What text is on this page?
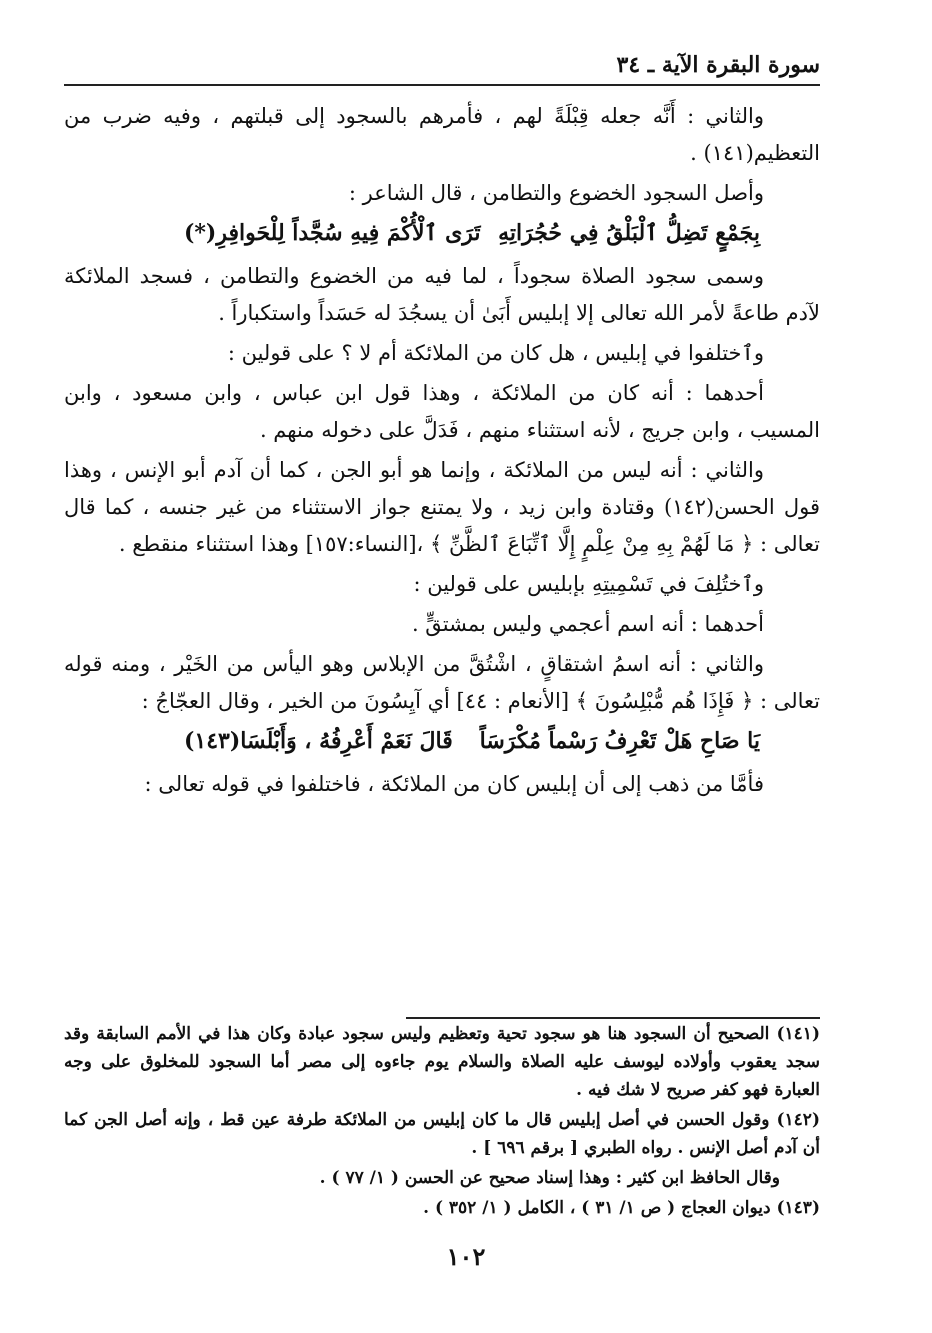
سورة البقرة الآية ـ ٣٤

والثاني : أَنَّه جعله قِبْلَةً لهم ، فأمرهم بالسجود إلى قبلتهم ، وفيه ضرب من التعظيم(١٤١) .

وأصل السجود الخضوع والتطامن ، قال الشاعر :

بِجَمْعٍ تَضِلُّ ٱلْبَلْقُ فِي حُجُرَاتِهِ
تَرَى ٱلْأُكْمَ فِيهِ سُجَّداً لِلْحَوافِرِ(*)

وسمى سجود الصلاة سجوداً ، لما فيه من الخضوع والتطامن ، فسجد الملائكة لآدم طاعةً لأمر الله تعالى إلا إبليس أَبَىٰ أن يسجُدَ له حَسَداً واستكباراً .

وٱختلفوا في إبليس ، هل كان من الملائكة أم لا ؟ على قولين :

أحدهما : أنه كان من الملائكة ، وهذا قول ابن عباس ، وابن مسعود ، وابن المسيب ، وابن جريج ، لأنه استثناء منهم ، فَدَلَّ على دخوله منهم .

والثاني : أنه ليس من الملائكة ، وإنما هو أبو الجن ، كما أن آدم أبو الإنس ، وهذا قول الحسن(١٤٢) وقتادة وابن زيد ، ولا يمتنع جواز الاستثناء من غير جنسه ، كما قال تعالى : ﴿ مَا لَهُمْ بِهِ مِنْ عِلْمٍ إِلَّا ٱتِّبَاعَ ٱلظَّنِّ ﴾ ،[النساء:١٥٧] وهذا استثناء منقطع .

وٱختُلِفَ في تَسْمِيتِهِ بإبليس على قولين :

أحدهما : أنه اسم أعجمي وليس بمشتقٍّ .

والثاني : أنه اسمُ اشتقاقٍ ، اشْتُقَّ من الإبلاس وهو اليأس من الخَيْر ، ومنه قوله تعالى : ﴿ فَإِذَا هُم مُّبْلِسُونَ ﴾ [الأنعام : ٤٤] أي آيِسُونَ من الخير ، وقال العجّاجُ :

يَا صَاحِ هَلْ تَعْرِفُ رَسْماً مُكْرَسَاً
قَالَ نَعَمْ أَعْرِفُهُ ، وَأَبْلَسَا(١٤٣)

فأمَّا من ذهب إلى أن إبليس كان من الملائكة ، فاختلفوا في قوله تعالى :

(١٤١) الصحيح أن السجود هنا هو سجود تحية وتعظيم وليس سجود عبادة وكان هذا في الأمم السابقة وقد سجد يعقوب وأولاده ليوسف عليه الصلاة والسلام يوم جاءوه إلى مصر أما السجود للمخلوق على وجه العبارة فهو كفر صريح لا شك فيه .

(١٤٢) وقول الحسن في أصل إبليس قال ما كان إبليس من الملائكة طرفة عين قط ، وإنه أصل الجن كما أن آدم أصل الإنس . رواه الطبري [ برقم ٦٩٦ ] .

وقال الحافظ ابن كثير : وهذا إسناد صحيح عن الحسن ( ١/ ٧٧ ) .

(١٤٣) ديوان العجاج ( ص ١/ ٣١ ) ، الكامل ( ١/ ٣٥٢ ) .

١٠٢
